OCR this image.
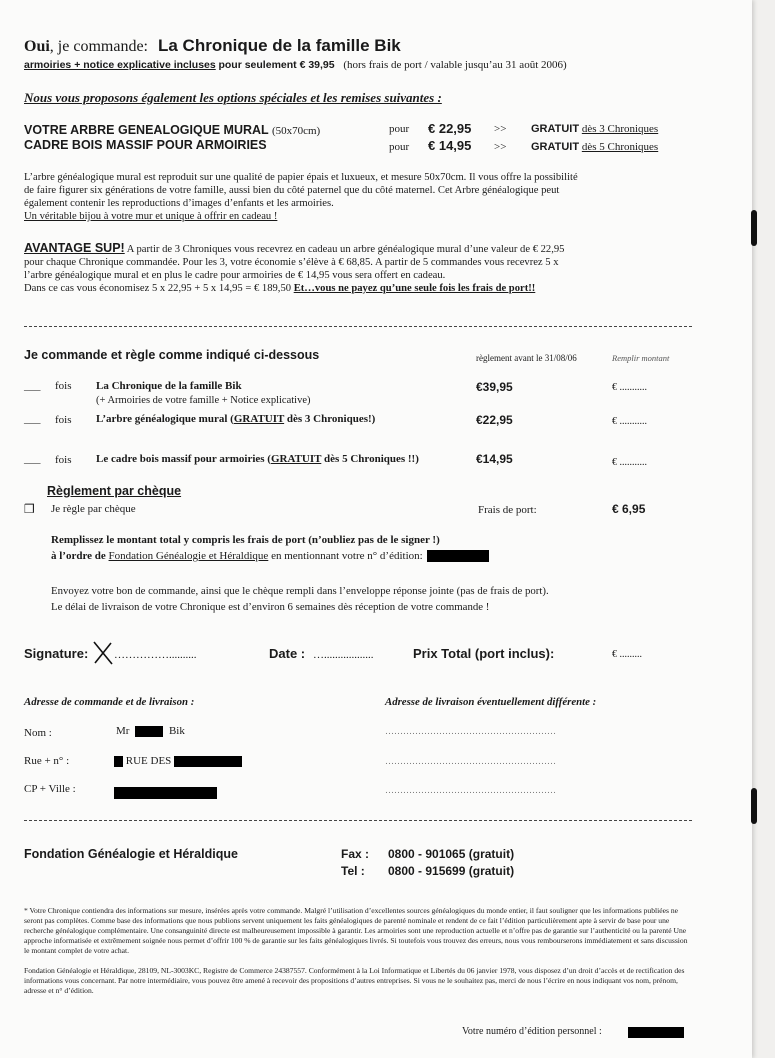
Oui, je commande: La Chronique de la famille Bik
armoiries + notice explicative incluses pour seulement € 39,95 (hors frais de port / valable jusqu’au 31 août 2006)
Nous vous proposons également les options spéciales et les remises suivantes :
VOTRE ARBRE GENEALOGIQUE MURAL (50x70cm)	pour € 22,95 >> GRATUIT dès 3 Chroniques
CADRE BOIS MASSIF POUR ARMOIRIES	pour € 14,95 >> GRATUIT dès 5 Chroniques
L’arbre généalogique mural est reproduit sur une qualité de papier épais et luxueux, et mesure 50x70cm. Il vous offre la possibilité
de faire figurer six générations de votre famille, aussi bien du côté paternel que du côté maternel. Cet Arbre généalogique peut
également contenir les reproductions d’images d’enfants et les armoiries.
Un véritable bijou à votre mur et unique à offrir en cadeau !
AVANTAGE SUP! A partir de 3 Chroniques vous recevrez en cadeau un arbre généalogique mural d’une valeur de € 22,95
pour chaque Chronique commandée. Pour les 3, votre économie s’élève à € 68,85. A partir de 5 commandes vous recevrez 5 x
l’arbre généalogique mural et en plus le cadre pour armoiries de € 14,95 vous sera offert en cadeau.
Dans ce cas vous économisez 5 x 22,95 + 5 x 14,95 = € 189,50 Et…vous ne payez qu’une seule fois les frais de port!!
Je commande et règle comme indiqué ci-dessous	règlement avant le 31/08/06	Remplir montant
___ fois La Chronique de la famille Bik
(+ Armoiries de votre famille + Notice explicative)
€39,95	€ ...........
___ fois L’arbre généalogique mural (GRATUIT dès 3 Chroniques!)	€22,95	€ ...........
___ fois Le cadre bois massif pour armoiries (GRATUIT dès 5 Chroniques !!)	€14,95	€ ...........
Règlement par chèque
❒ Je règle par chèque	Frais de port:	€ 6,95
Remplissez le montant total y compris les frais de port (n’oubliez pas de le signer !)
à l’ordre de Fondation Généalogie et Héraldique en mentionnant votre n° d’édition:
Envoyez votre bon de commande, ainsi que le chèque rempli dans l’enveloppe réponse jointe (pas de frais de port).
Le délai de livraison de votre Chronique est d’environ 6 semaines dès réception de votre commande !
Signature: ……………..........	Date : …..................	Prix Total (port inclus):	€ .........
Adresse de commande et de livraison :	Adresse de livraison éventuellement différente :
Nom :	Mr	Bik	…………………………………………………
Rue + n° :	RUE DES	…………………………………………………
CP + Ville :	…………………………………………………
Fondation Généalogie et Héraldique	Fax : 0800 - 901065 (gratuit)
Tel : 0800 - 915699 (gratuit)

* Votre Chronique contiendra des informations sur mesure, insérées après votre commande. Malgré l’utilisation d’excellentes sources généalogiques du monde entier, il faut souligner que les informations publiées ne seront pas complètes. Comme base des informations que nous publions servent uniquement les faits généalogiques de parenté nominale et rendent de ce fait l’édition particulièrement apte à servir de base pour une recherche généalogique complémentaire. Une consanguinité directe est malheureusement impossible à garantir. Les armoiries sont une reproduction actuelle et n’offre pas de garantie sur l’authenticité ou la parenté Une approche informatisée et extrêmement soignée nous permet d’offrir 100 % de garantie sur les faits généalogiques livrés. Si toutefois vous trouvez des erreurs, nous vous rembourserons immédiatement et sans discussion le montant complet de votre achat.

Fondation Généalogie et Héraldique, 28109, NL-3003KC, Registre de Commerce 24387557. Conformément à la Loi Informatique et Libertés du 06 janvier 1978, vous disposez d’un droit d’accès et de rectification des informations vous concernant. Par notre intermédiaire, vous pouvez être amené à recevoir des propositions d’autres entreprises. Si vous ne le souhaitez pas, merci de nous l’écrire en nous indiquant vos nom, prénom, adresse et n° d’édition.

Votre numéro d’édition personnel :
